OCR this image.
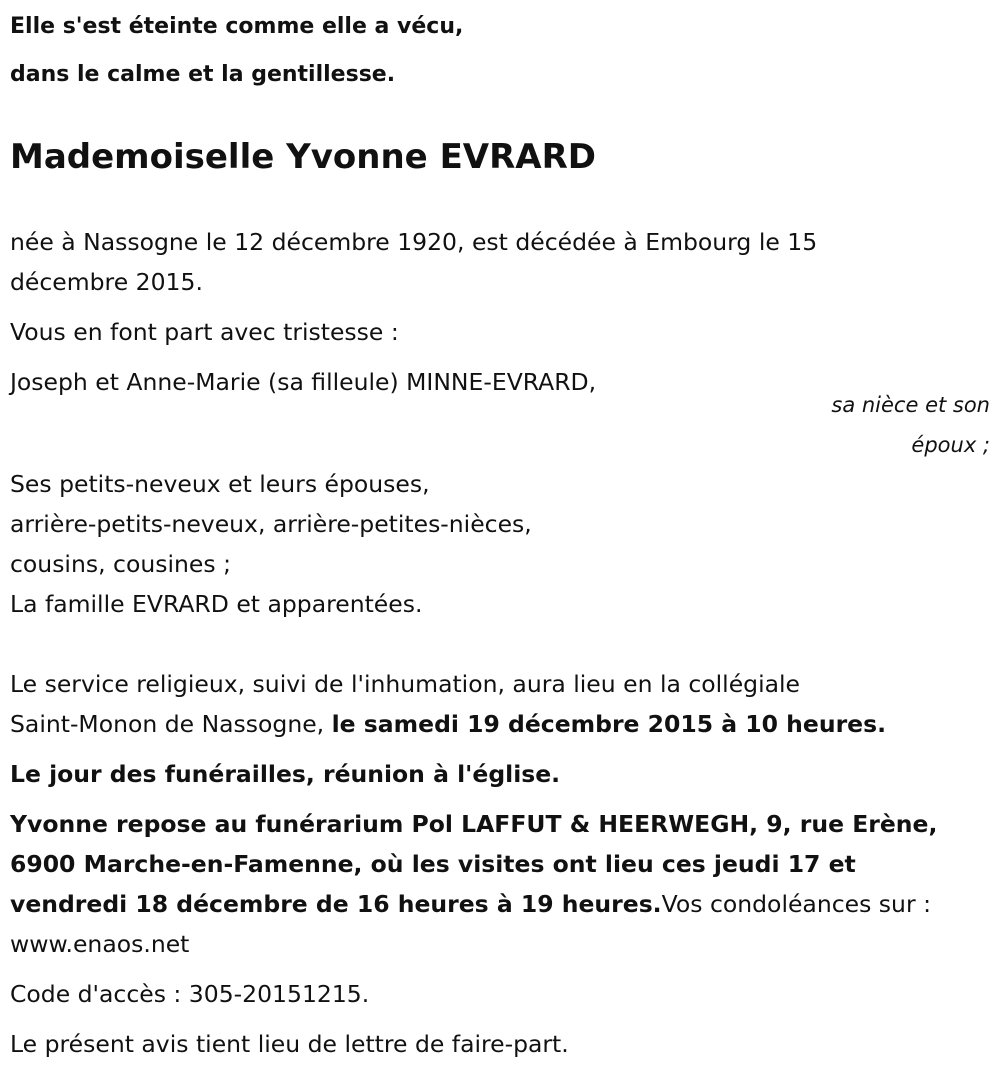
Elle s'est éteinte comme elle a vécu,
dans le calme et la gentillesse.
Mademoiselle Yvonne EVRARD
née à Nassogne le 12 décembre 1920, est décédée à Embourg le 15
décembre 2015.
Vous en font part avec tristesse :
Joseph et Anne-Marie (sa filleule) MINNE-EVRARD,
sa nièce et son
époux ;
Ses petits-neveux et leurs épouses,
arrière-petits-neveux, arrière-petites-nièces,
cousins, cousines ;
La famille EVRARD et apparentées.
Le service religieux, suivi de l'inhumation, aura lieu en la collégiale
Saint-Monon de Nassogne, le samedi 19 décembre 2015 à 10 heures.
Le jour des funérailles, réunion à l'église.
Yvonne repose au funérarium Pol LAFFUT & HEERWEGH, 9, rue Erène,
6900 Marche-en-Famenne, où les visites ont lieu ces jeudi 17 et
vendredi 18 décembre de 16 heures à 19 heures.Vos condoléances sur :
www.enaos.net
Code d'accès : 305-20151215.
Le présent avis tient lieu de lettre de faire-part.
